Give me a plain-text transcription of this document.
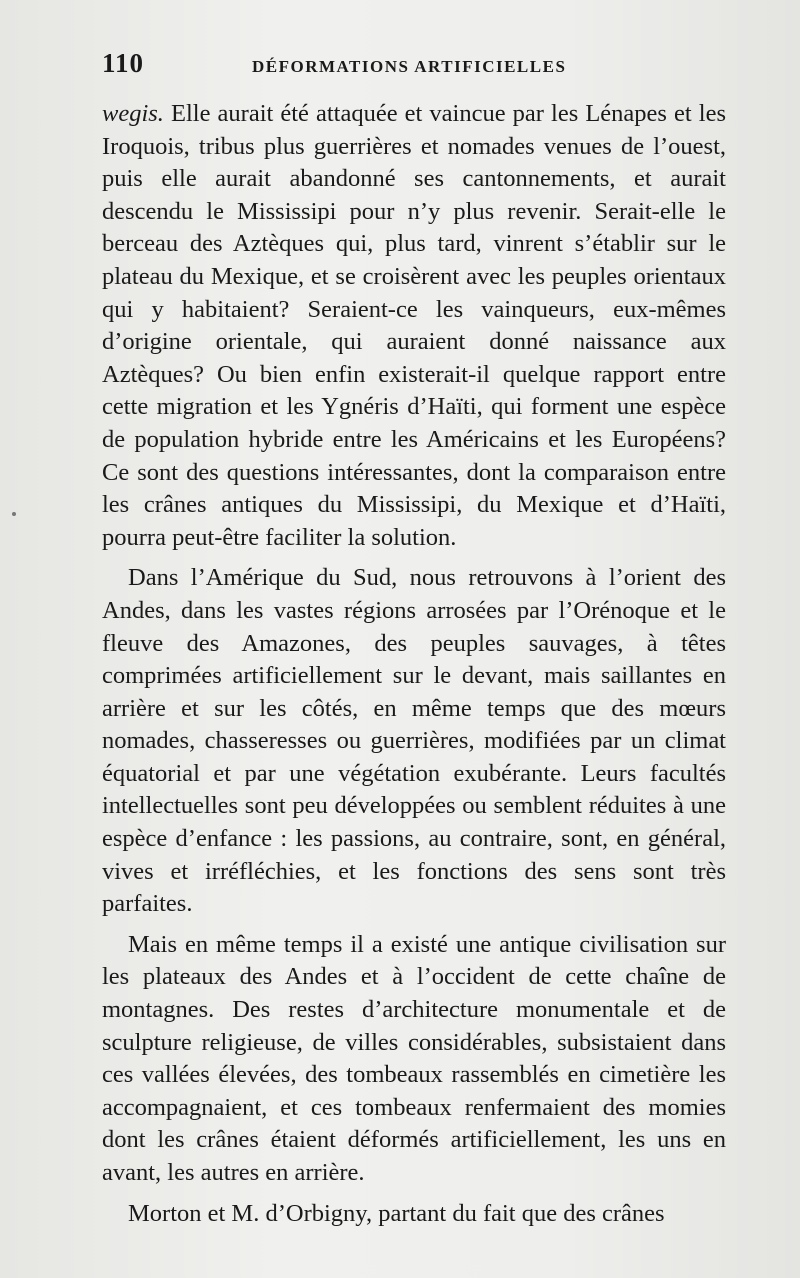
110	DÉFORMATIONS ARTIFICIELLES

wegis. Elle aurait été attaquée et vaincue par les Lénapes et les Iroquois, tribus plus guerrières et nomades venues de l’ouest, puis elle aurait abandonné ses cantonnements, et aurait descendu le Mississipi pour n’y plus revenir. Serait-elle le berceau des Aztèques qui, plus tard, vinrent s’établir sur le plateau du Mexique, et se croisèrent avec les peuples orientaux qui y habitaient? Seraient-ce les vainqueurs, eux-mêmes d’origine orientale, qui auraient donné naissance aux Aztèques? Ou bien enfin existerait-il quelque rapport entre cette migration et les Ygnéris d’Haïti, qui forment une espèce de population hybride entre les Américains et les Européens? Ce sont des questions intéressantes, dont la comparaison entre les crânes antiques du Mississipi, du Mexique et d’Haïti, pourra peut-être faciliter la solution.

Dans l’Amérique du Sud, nous retrouvons à l’orient des Andes, dans les vastes régions arrosées par l’Orénoque et le fleuve des Amazones, des peuples sauvages, à têtes comprimées artificiellement sur le devant, mais saillantes en arrière et sur les côtés, en même temps que des mœurs nomades, chasseresses ou guerrières, modifiées par un climat équatorial et par une végétation exubérante. Leurs facultés intellectuelles sont peu développées ou semblent réduites à une espèce d’enfance : les passions, au contraire, sont, en général, vives et irréfléchies, et les fonctions des sens sont très parfaites.

Mais en même temps il a existé une antique civilisation sur les plateaux des Andes et à l’occident de cette chaîne de montagnes. Des restes d’architecture monumentale et de sculpture religieuse, de villes considérables, subsistaient dans ces vallées élevées, des tombeaux rassemblés en cimetière les accompagnaient, et ces tombeaux renfermaient des momies dont les crânes étaient déformés artificiellement, les uns en avant, les autres en arrière.

Morton et M. d’Orbigny, partant du fait que des crânes
